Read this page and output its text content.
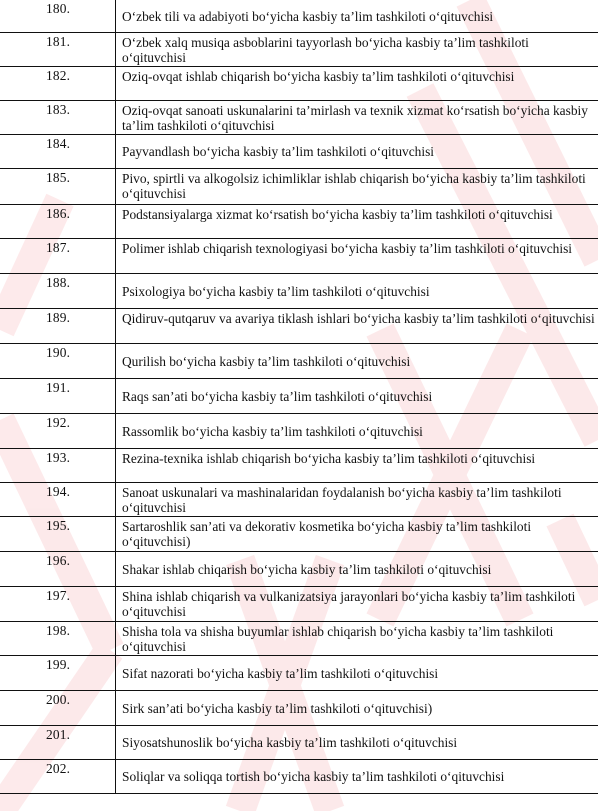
180.	O‘zbek tili va adabiyoti bo‘yicha kasbiy ta’lim tashkiloti o‘qituvchisi
181.	O‘zbek xalq musiqa asboblarini tayyorlash bo‘yicha kasbiy ta’lim tashkiloti o‘qituvchisi
182.	Oziq-ovqat ishlab chiqarish bo‘yicha kasbiy ta’lim tashkiloti o‘qituvchisi
183.	Oziq-ovqat sanoati uskunalarini ta’mirlash va texnik xizmat ko‘rsatish bo‘yicha kasbiy ta’lim tashkiloti o‘qituvchisi
184.	Payvandlash bo‘yicha kasbiy ta’lim tashkiloti o‘qituvchisi
185.	Pivo, spirtli va alkogolsiz ichimliklar ishlab chiqarish bo‘yicha kasbiy ta’lim tashkiloti o‘qituvchisi
186.	Podstansiyalarga xizmat ko‘rsatish bo‘yicha kasbiy ta’lim tashkiloti o‘qituvchisi
187.	Polimer ishlab chiqarish texnologiyasi bo‘yicha kasbiy ta’lim tashkiloti o‘qituvchisi
188.	Psixologiya bo‘yicha kasbiy ta’lim tashkiloti o‘qituvchisi
189.	Qidiruv-qutqaruv va avariya tiklash ishlari bo‘yicha kasbiy ta’lim tashkiloti o‘qituvchisi
190.	Qurilish bo‘yicha kasbiy ta’lim tashkiloti o‘qituvchisi
191.	Raqs san’ati bo‘yicha kasbiy ta’lim tashkiloti o‘qituvchisi
192.	Rassomlik bo‘yicha kasbiy ta’lim tashkiloti o‘qituvchisi
193.	Rezina-texnika ishlab chiqarish bo‘yicha kasbiy ta’lim tashkiloti o‘qituvchisi
194.	Sanoat uskunalari va mashinalaridan foydalanish bo‘yicha kasbiy ta’lim tashkiloti o‘qituvchisi
195.	Sartaroshlik san’ati va dekorativ kosmetika bo‘yicha kasbiy ta’lim tashkiloti o‘qituvchisi)
196.	Shakar ishlab chiqarish bo‘yicha kasbiy ta’lim tashkiloti o‘qituvchisi
197.	Shina ishlab chiqarish va vulkanizatsiya jarayonlari bo‘yicha kasbiy ta’lim tashkiloti o‘qituvchisi
198.	Shisha tola va shisha buyumlar ishlab chiqarish bo‘yicha kasbiy ta’lim tashkiloti o‘qituvchisi
199.	Sifat nazorati bo‘yicha kasbiy ta’lim tashkiloti o‘qituvchisi
200.	Sirk san’ati bo‘yicha kasbiy ta’lim tashkiloti o‘qituvchisi)
201.	Siyosatshunoslik bo‘yicha kasbiy ta’lim tashkiloti o‘qituvchisi
202.	Soliqlar va soliqqa tortish bo‘yicha kasbiy ta’lim tashkiloti o‘qituvchisi
